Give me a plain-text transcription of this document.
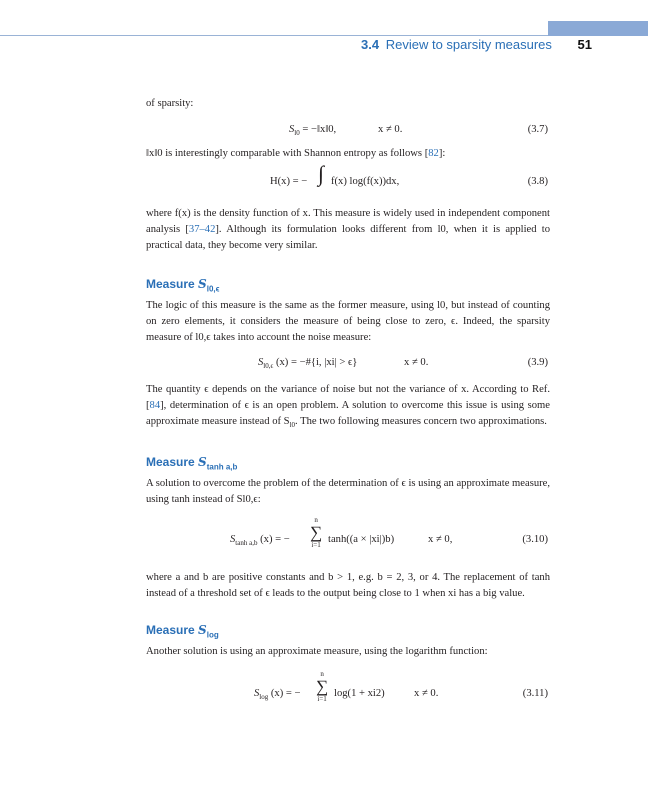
3.4 Review to sparsity measures 51

of sparsity:

$S_{l0}$ = −‖x‖0,	x ≠ 0.	(3.7)

‖x‖0 is interestingly comparable with Shannon entropy as follows [82]:

H(x) = − ∫ f(x) log(f(x))dx,	(3.8)

where f(x) is the density function of x. This measure is widely used in independent component analysis [37–42]. Although its formulation looks different from l0, when it is applied to practical data, they become very similar.

Measure $S_{l0,\epsilon}$

The logic of this measure is the same as the former measure, using l0, but instead of counting on zero elements, it considers the measure of being close to zero, ϵ. Indeed, the sparsity measure of l0,ϵ takes into account the noise measure:

$S_{l0,\epsilon}$ (x) = −#{i, |xi| > ϵ}	x ≠ 0.	(3.9)

The quantity ϵ depends on the variance of noise but not the variance of x. According to Ref. [84], determination of ϵ is an open problem. A solution to overcome this issue is using some approximate measure instead of $S_{l0}$. The two following measures concern two approximations.

Measure $S_{tanh a,b}$

A solution to overcome the problem of the determination of ϵ is using an approximate measure, using tanh instead of Sl0,ϵ:

$S_{tanh a,b}$ (x) = −
n
∑
i=1 tanh((a × |xi|)b)	x ≠ 0,	(3.10)

where a and b are positive constants and b > 1, e.g. b = 2, 3, or 4. The replacement of tanh instead of a threshold set of ϵ leads to the output being close to 1 when xi has a big value.

Measure $S_{log}$

Another solution is using an approximate measure, using the logarithm function:

$S_{log}$ (x) = −
n
∑
i=1 log(1 + xi2)	x ≠ 0.	(3.11)
